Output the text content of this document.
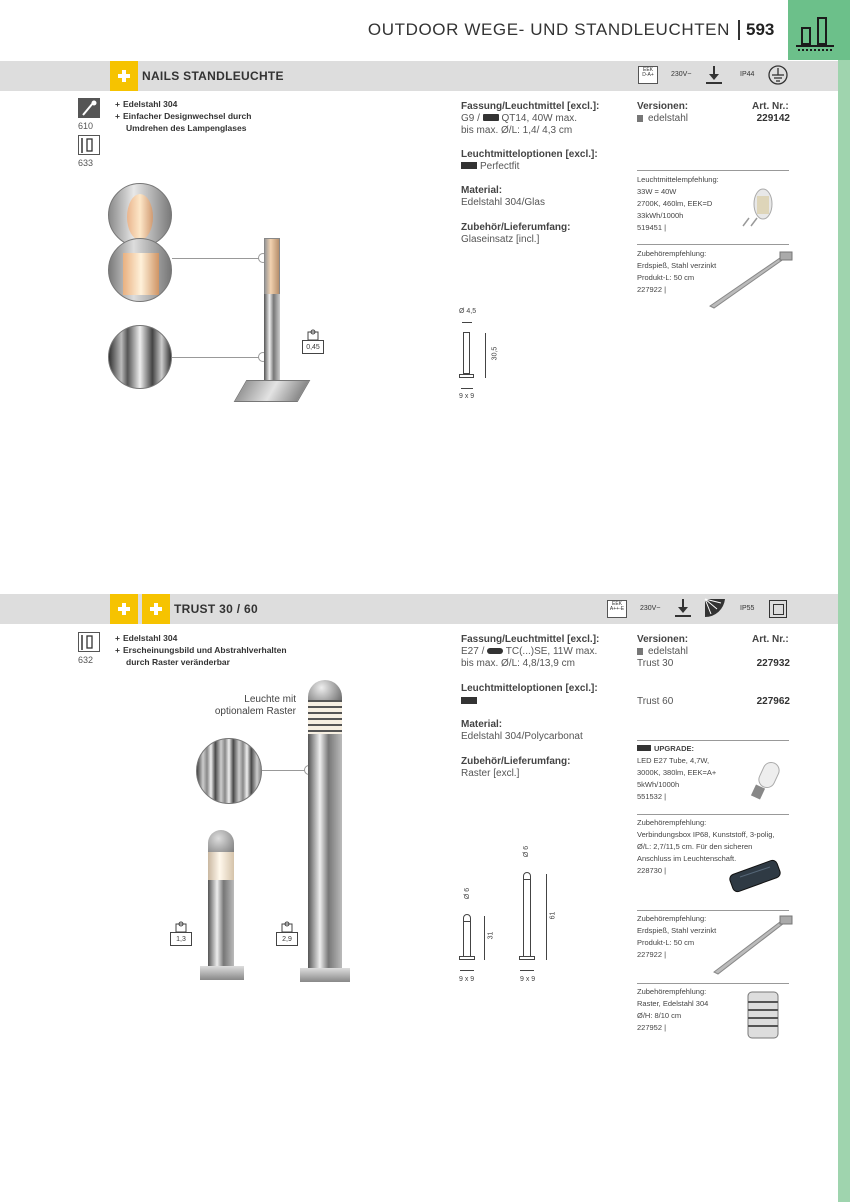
OUTDOOR WEGE- UND STANDLEUCHTEN 593
NAILS STANDLEUCHTE	EEK
D-A+	230V~	IP44
610
633
+ Edelstahl 304
+ Einfacher Designwechsel durch
Umdrehen des Lampenglases
0,45
Fassung/Leuchtmittel [excl.]:
G9 / QT14, 40W max.
bis max. Ø/L: 1,4/ 4,3 cm
Leuchtmitteloptionen [excl.]:
Perfectfit
Material:
Edelstahl 304/Glas
Zubehör/Lieferumfang:
Glaseinsatz [incl.]
Ø 4,5
30,5
9 x 9
Versionen:	Art. Nr.:
edelstahl	229142
Leuchtmittelempfehlung:
33W = 40W
2700K, 460lm, EEK=D
33kWh/1000h
519451 |
Zubehörempfehlung:
Erdspieß, Stahl verzinkt
Produkt-L: 50 cm
227922 |
TRUST 30 / 60	EEK
A++-E	230V~	IP55
632
+ Edelstahl 304
+ Erscheinungsbild und Abstrahlverhalten
durch Raster veränderbar
Leuchte mit
optionalem Raster
1,3	2,9
Fassung/Leuchtmittel [excl.]:
E27 / TC(...)SE, 11W max.
bis max. Ø/L: 4,8/13,9 cm
Leuchtmitteloptionen [excl.]:
Material:
Edelstahl 304/Polycarbonat
Zubehör/Lieferumfang:
Raster [excl.]
Ø 6
31
9 x 9
Ø 6
61
9 x 9
Versionen:	Art. Nr.:
edelstahl
Trust 30	227932
Trust 60	227962
UPGRADE:
LED E27 Tube, 4,7W,
3000K, 380lm, EEK=A+
5kWh/1000h
551532 |
Zubehörempfehlung:
Verbindungsbox IP68, Kunststoff, 3-polig,
Ø/L: 2,7/11,5 cm. Für den sicheren
Anschluss im Leuchtenschaft.
228730 |
Zubehörempfehlung:
Erdspieß, Stahl verzinkt
Produkt-L: 50 cm
227922 |
Zubehörempfehlung:
Raster, Edelstahl 304
Ø/H: 8/10 cm
227952 |
